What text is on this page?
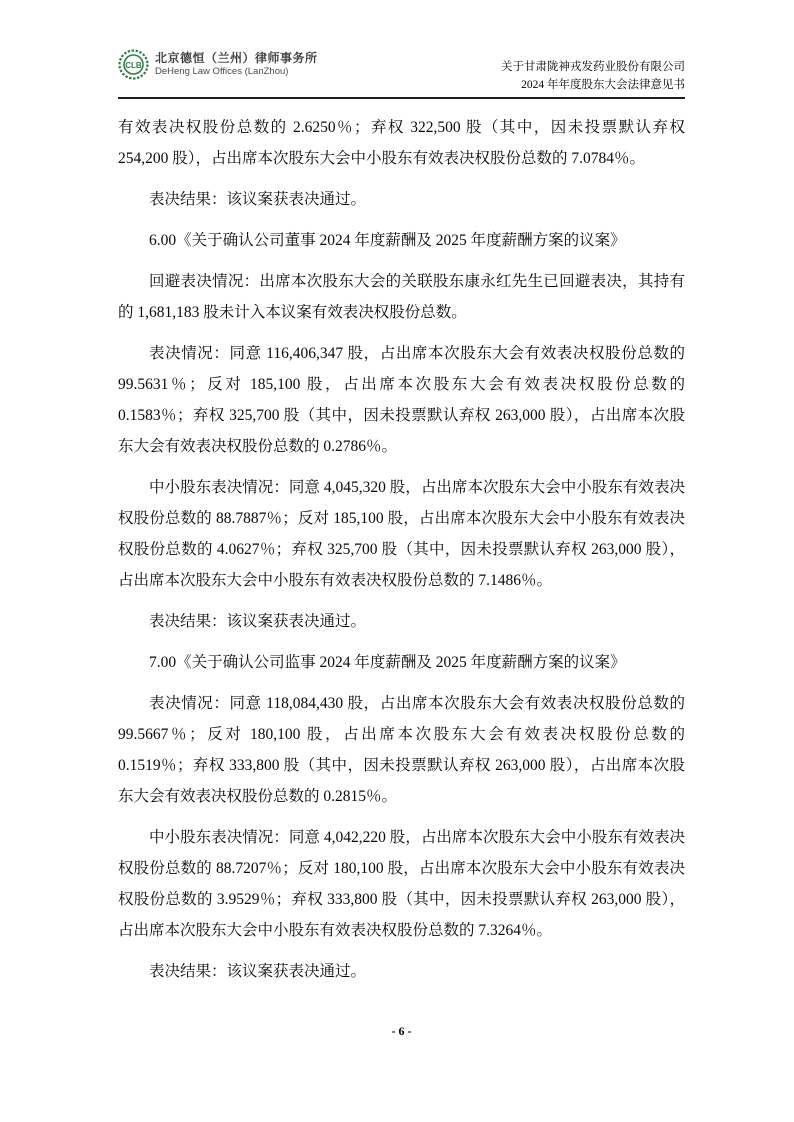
CLB
北京德恒（兰州）律师事务所
DeHeng Law Offices (LanZhou)	关于甘肃陇神戎发药业股份有限公司
2024 年年度股东大会法律意见书

有效表决权股份总数的 2.6250％；弃权 322,500 股（其中，因未投票默认弃权 254,200 股），占出席本次股东大会中小股东有效表决权股份总数的 7.0784％。

表决结果：该议案获表决通过。

6.00《关于确认公司董事 2024 年度薪酬及 2025 年度薪酬方案的议案》

回避表决情况：出席本次股东大会的关联股东康永红先生已回避表决，其持有的 1,681,183 股未计入本议案有效表决权股份总数。

表决情况：同意 116,406,347 股，占出席本次股东大会有效表决权股份总数的 99.5631％；反对 185,100 股，占出席本次股东大会有效表决权股份总数的 0.1583％；弃权 325,700 股（其中，因未投票默认弃权 263,000 股），占出席本次股东大会有效表决权股份总数的 0.2786％。

中小股东表决情况：同意 4,045,320 股，占出席本次股东大会中小股东有效表决权股份总数的 88.7887％；反对 185,100 股，占出席本次股东大会中小股东有效表决权股份总数的 4.0627％；弃权 325,700 股（其中，因未投票默认弃权 263,000 股），占出席本次股东大会中小股东有效表决权股份总数的 7.1486％。

表决结果：该议案获表决通过。

7.00《关于确认公司监事 2024 年度薪酬及 2025 年度薪酬方案的议案》

表决情况：同意 118,084,430 股，占出席本次股东大会有效表决权股份总数的 99.5667％；反对 180,100 股，占出席本次股东大会有效表决权股份总数的 0.1519％；弃权 333,800 股（其中，因未投票默认弃权 263,000 股），占出席本次股东大会有效表决权股份总数的 0.2815％。

中小股东表决情况：同意 4,042,220 股，占出席本次股东大会中小股东有效表决权股份总数的 88.7207％；反对 180,100 股，占出席本次股东大会中小股东有效表决权股份总数的 3.9529％；弃权 333,800 股（其中，因未投票默认弃权 263,000 股），占出席本次股东大会中小股东有效表决权股份总数的 7.3264％。

表决结果：该议案获表决通过。

- 6 -
